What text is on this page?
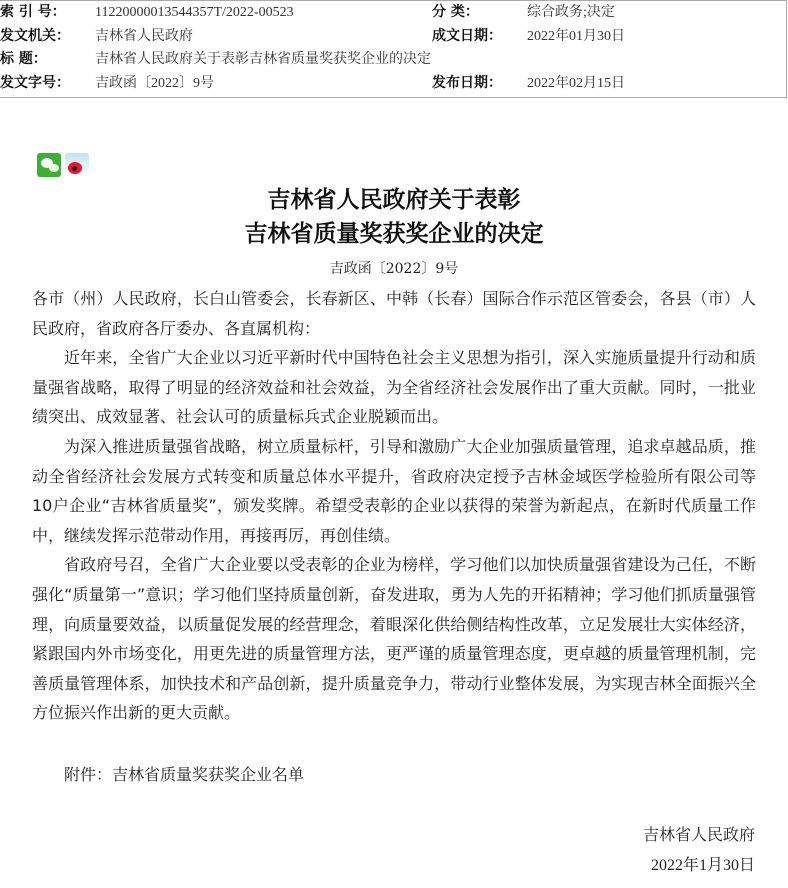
索 引 号： 11220000013544357T/2022-00523	分 类：	综合政务;决定
发文机关： 吉林省人民政府	成文日期： 2022年01月30日
标 题：	吉林省人民政府关于表彰吉林省质量奖获奖企业的决定
发文字号： 吉政函〔2022〕9号	发布日期： 2022年02月15日
吉林省人民政府关于表彰
吉林省质量奖获奖企业的决定
吉政函〔2022〕9号

各市（州）人民政府，长白山管委会，长春新区、中韩（长春）国际合作示范区管委会，各县（市）人民政府，省政府各厅委办、各直属机构：

近年来，全省广大企业以习近平新时代中国特色社会主义思想为指引，深入实施质量提升行动和质量强省战略，取得了明显的经济效益和社会效益，为全省经济社会发展作出了重大贡献。同时，一批业绩突出、成效显著、社会认可的质量标兵式企业脱颖而出。

为深入推进质量强省战略，树立质量标杆，引导和激励广大企业加强质量管理，追求卓越品质，推动全省经济社会发展方式转变和质量总体水平提升，省政府决定授予吉林金域医学检验所有限公司等10户企业“吉林省质量奖”，颁发奖牌。希望受表彰的企业以获得的荣誉为新起点，在新时代质量工作中，继续发挥示范带动作用，再接再厉，再创佳绩。

省政府号召，全省广大企业要以受表彰的企业为榜样，学习他们以加快质量强省建设为己任，不断强化“质量第一”意识；学习他们坚持质量创新，奋发进取，勇为人先的开拓精神；学习他们抓质量强管理，向质量要效益，以质量促发展的经营理念，着眼深化供给侧结构性改革，立足发展壮大实体经济，紧跟国内外市场变化，用更先进的质量管理方法，更严谨的质量管理态度，更卓越的质量管理机制，完善质量管理体系，加快技术和产品创新，提升质量竞争力，带动行业整体发展，为实现吉林全面振兴全方位振兴作出新的更大贡献。

附件：吉林省质量奖获奖企业名单
吉林省人民政府
2022年1月30日
